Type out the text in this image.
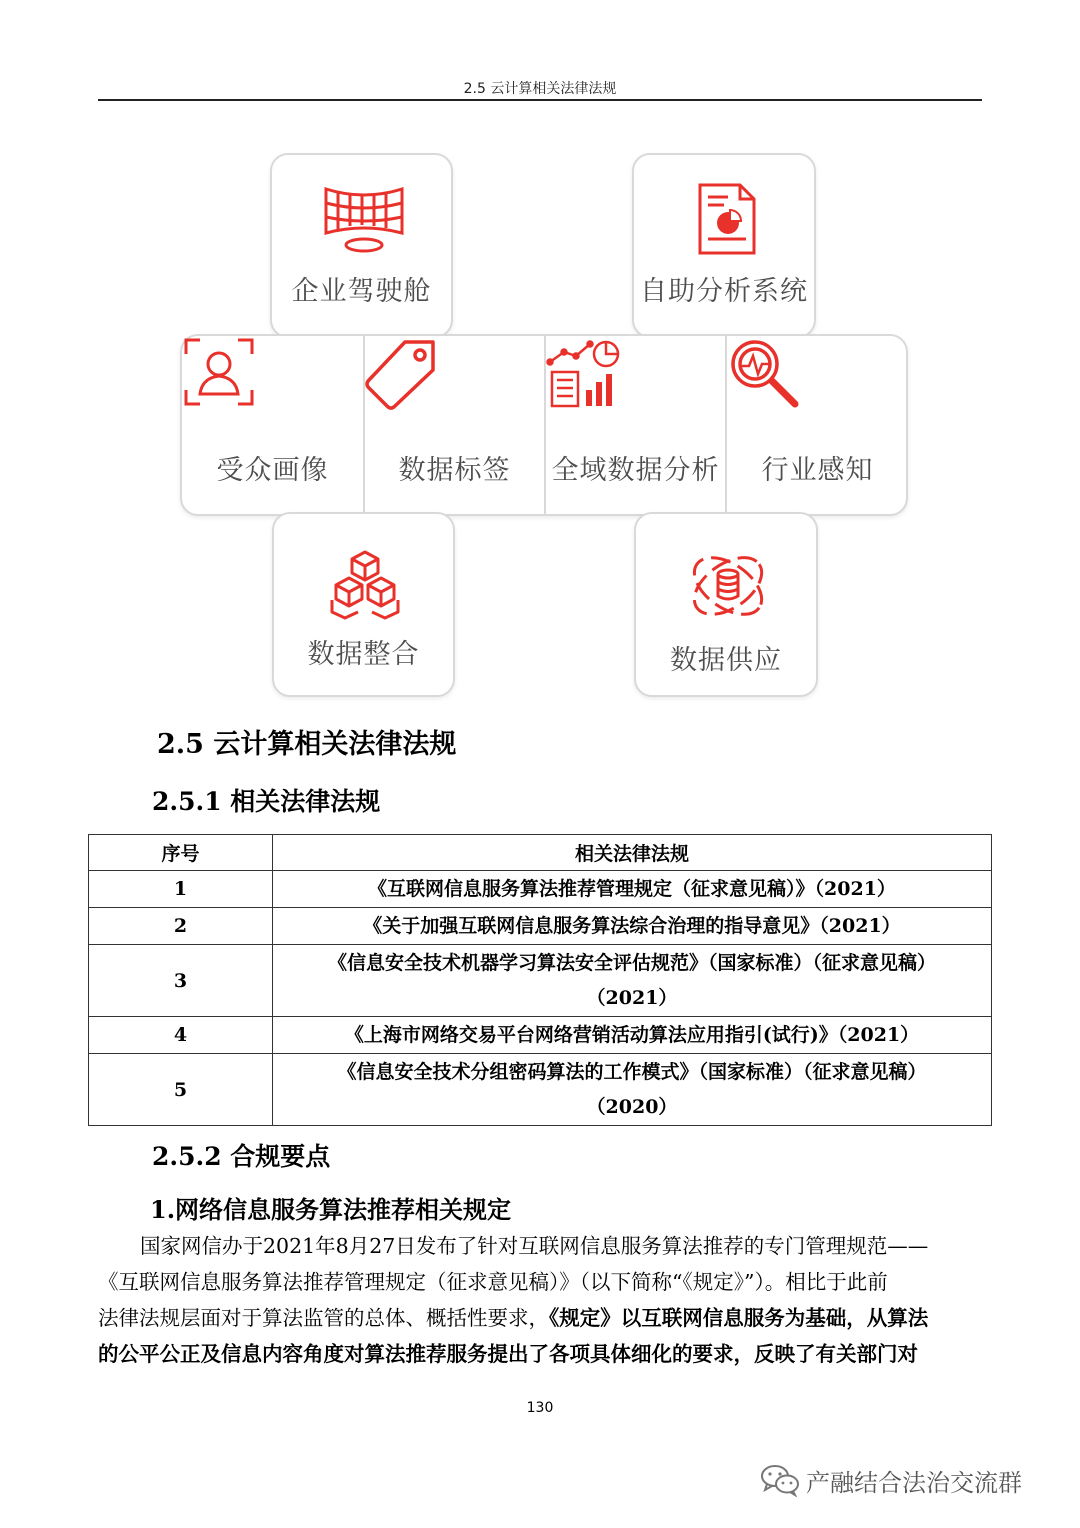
2.5 云计算相关法律法规
企业驾驶舱	自助分析系统
受众画像	数据标签	全域数据分析	行业感知
数据整合	数据供应
2.5 云计算相关法律法规
2.5.1 相关法律法规
序号	相关法律法规
1	《互联网信息服务算法推荐管理规定（征求意见稿）》（2021）
2	《关于加强互联网信息服务算法综合治理的指导意见》（2021）
3	《信息安全技术机器学习算法安全评估规范》（国家标准）（征求意见稿）
（2021）

4	《上海市网络交易平台网络营销活动算法应用指引(试行)》（2021）
5	《信息安全技术分组密码算法的工作模式》（国家标准）（征求意见稿）
（2020）
2.5.2 合规要点
1.网络信息服务算法推荐相关规定
国家网信办于2021年8月27日发布了针对互联网信息服务算法推荐的专门管理规范——
《互联网信息服务算法推荐管理规定（征求意见稿）》（以下简称“《规定》”）。相比于此前
法律法规层面对于算法监管的总体、概括性要求，《规定》以互联网信息服务为基础，从算法
的公平公正及信息内容角度对算法推荐服务提出了各项具体细化的要求，反映了有关部门对
130
产融结合法治交流群
